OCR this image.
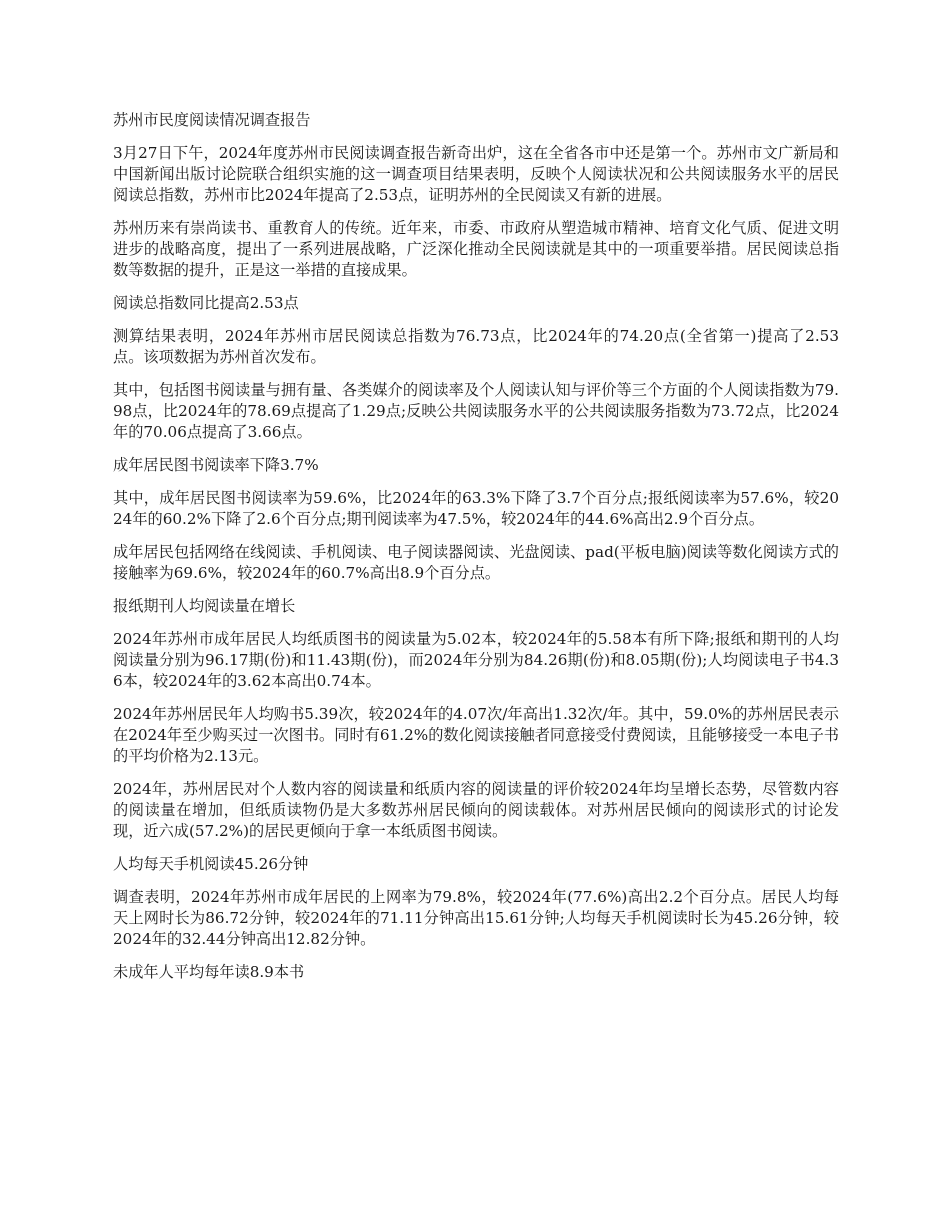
苏州市民度阅读情况调查报告

3月27日下午，2024年度苏州市民阅读调查报告新奇出炉，这在全省各市中还是第一个。苏州市文广新局和中国新闻出版讨论院联合组织实施的这一调查项目结果表明，反映个人阅读状况和公共阅读服务水平的居民阅读总指数，苏州市比2024年提高了2.53点，证明苏州的全民阅读又有新的进展。

苏州历来有崇尚读书、重教育人的传统。近年来，市委、市政府从塑造城市精神、培育文化气质、促进文明进步的战略高度，提出了一系列进展战略，广泛深化推动全民阅读就是其中的一项重要举措。居民阅读总指数等数据的提升，正是这一举措的直接成果。

阅读总指数同比提高2.53点

测算结果表明，2024年苏州市居民阅读总指数为76.73点，比2024年的74.20点(全省第一)提高了2.53点。该项数据为苏州首次发布。

其中，包括图书阅读量与拥有量、各类媒介的阅读率及个人阅读认知与评价等三个方面的个人阅读指数为79.98点，比2024年的78.69点提高了1.29点;反映公共阅读服务水平的公共阅读服务指数为73.72点，比2024年的70.06点提高了3.66点。

成年居民图书阅读率下降3.7%

其中，成年居民图书阅读率为59.6%，比2024年的63.3%下降了3.7个百分点;报纸阅读率为57.6%，较2024年的60.2%下降了2.6个百分点;期刊阅读率为47.5%，较2024年的44.6%高出2.9个百分点。

成年居民包括网络在线阅读、手机阅读、电子阅读器阅读、光盘阅读、pad(平板电脑)阅读等数化阅读方式的接触率为69.6%，较2024年的60.7%高出8.9个百分点。

报纸期刊人均阅读量在增长

2024年苏州市成年居民人均纸质图书的阅读量为5.02本，较2024年的5.58本有所下降;报纸和期刊的人均阅读量分别为96.17期(份)和11.43期(份)，而2024年分别为84.26期(份)和8.05期(份);人均阅读电子书4.36本，较2024年的3.62本高出0.74本。

2024年苏州居民年人均购书5.39次，较2024年的4.07次/年高出1.32次/年。其中，59.0%的苏州居民表示在2024年至少购买过一次图书。同时有61.2%的数化阅读接触者同意接受付费阅读，且能够接受一本电子书的平均价格为2.13元。

2024年，苏州居民对个人数内容的阅读量和纸质内容的阅读量的评价较2024年均呈增长态势，尽管数内容的阅读量在增加，但纸质读物仍是大多数苏州居民倾向的阅读载体。对苏州居民倾向的阅读形式的讨论发现，近六成(57.2%)的居民更倾向于拿一本纸质图书阅读。

人均每天手机阅读45.26分钟

调查表明，2024年苏州市成年居民的上网率为79.8%，较2024年(77.6%)高出2.2个百分点。居民人均每天上网时长为86.72分钟，较2024年的71.11分钟高出15.61分钟;人均每天手机阅读时长为45.26分钟，较2024年的32.44分钟高出12.82分钟。

未成年人平均每年读8.9本书
